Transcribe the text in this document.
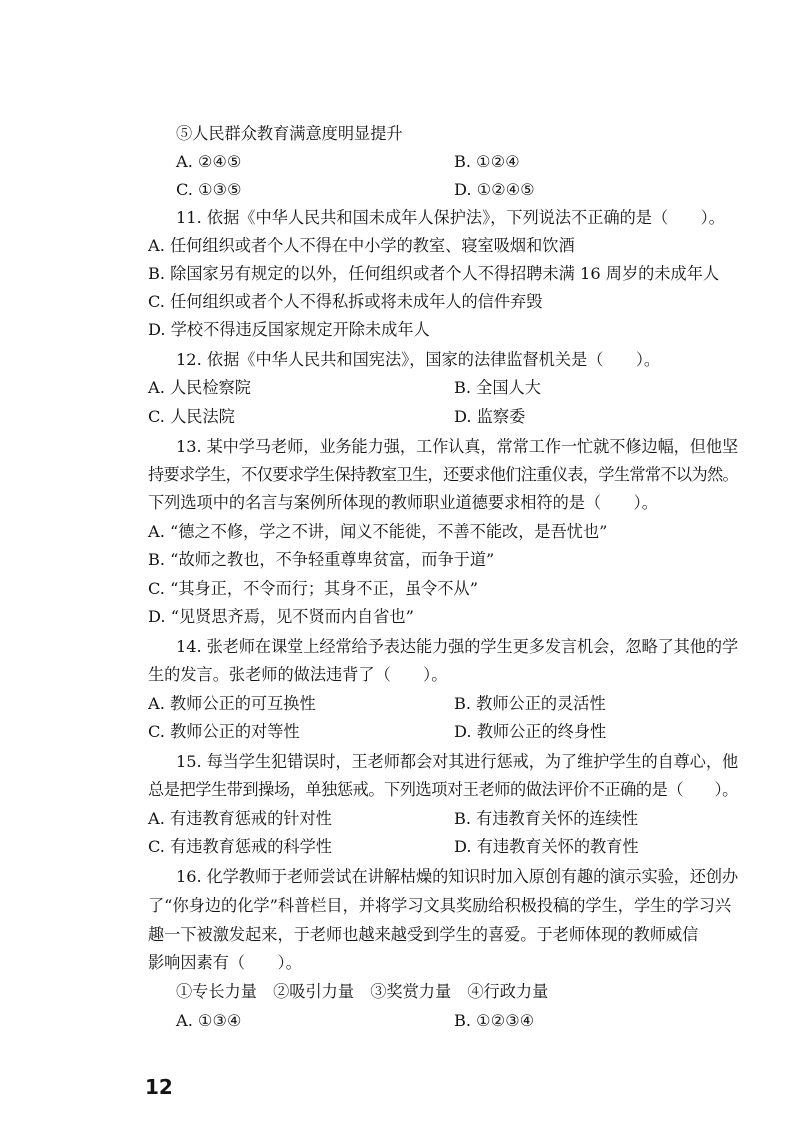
⑤人民群众教育满意度明显提升
A. ②④⑤	B. ①②④
C. ①③⑤	D. ①②④⑤
11. 依据《中华人民共和国未成年人保护法》，下列说法不正确的是（　　）。
A. 任何组织或者个人不得在中小学的教室、寝室吸烟和饮酒
B. 除国家另有规定的以外，任何组织或者个人不得招聘未满 16 周岁的未成年人
C. 任何组织或者个人不得私拆或将未成年人的信件弃毁
D. 学校不得违反国家规定开除未成年人
12. 依据《中华人民共和国宪法》，国家的法律监督机关是（　　）。
A. 人民检察院	B. 全国人大
C. 人民法院	D. 监察委
13. 某中学马老师，业务能力强，工作认真，常常工作一忙就不修边幅，但他坚
持要求学生，不仅要求学生保持教室卫生，还要求他们注重仪表，学生常常不以为然。
下列选项中的名言与案例所体现的教师职业道德要求相符的是（　　）。
A. “德之不修，学之不讲，闻义不能徙，不善不能改，是吾忧也”
B. “故师之教也，不争轻重尊卑贫富，而争于道”
C. “其身正，不令而行；其身不正，虽令不从”
D. “见贤思齐焉，见不贤而内自省也”
14. 张老师在课堂上经常给予表达能力强的学生更多发言机会，忽略了其他的学
生的发言。张老师的做法违背了（　　）。
A. 教师公正的可互换性	B. 教师公正的灵活性
C. 教师公正的对等性	D. 教师公正的终身性
15. 每当学生犯错误时，王老师都会对其进行惩戒，为了维护学生的自尊心，他
总是把学生带到操场，单独惩戒。下列选项对王老师的做法评价不正确的是（　　）。
A. 有违教育惩戒的针对性	B. 有违教育关怀的连续性
C. 有违教育惩戒的科学性	D. 有违教育关怀的教育性
16. 化学教师于老师尝试在讲解枯燥的知识时加入原创有趣的演示实验，还创办
了“你身边的化学”科普栏目，并将学习文具奖励给积极投稿的学生，学生的学习兴
趣一下被激发起来，于老师也越来越受到学生的喜爱。于老师体现的教师威信
影响因素有（　　）。
①专长力量　②吸引力量　③奖赏力量　④行政力量
A. ①③④	B. ①②③④
12
